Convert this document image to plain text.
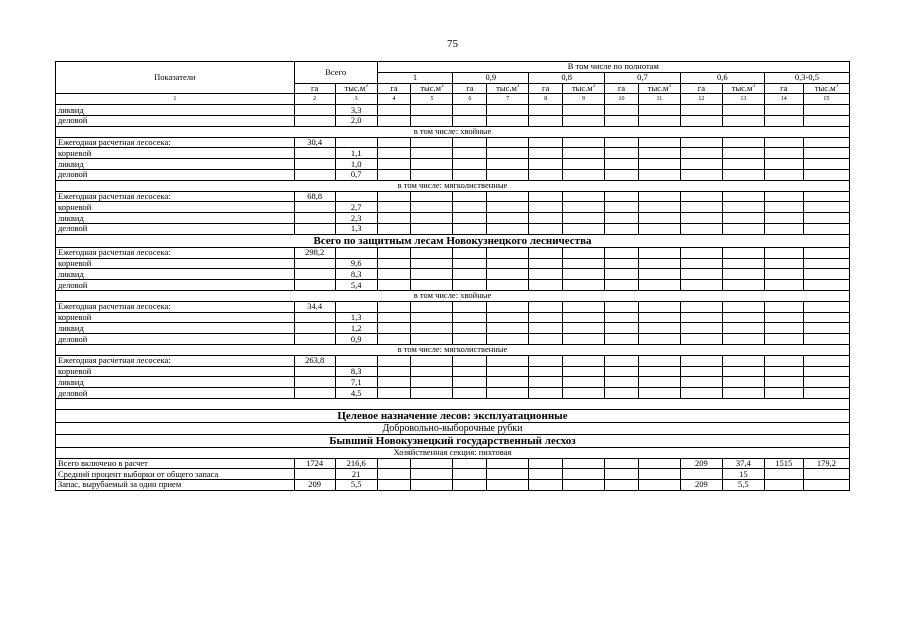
75
Показатели	Всего		В том числе по полнотам											
			1		0,9		0,8		0,7		0,6		0,3-0,5	
	га	$тыс.м^3$	га	$тыс.м^3$	га	$тыс.м^3$	га	$тыс.м^3$	га	$тыс.м^3$	га	$тыс.м^3$	га	$тыс.м^3$
1	2	3	4	5	6	7	8	9	10	11	12	13	14	15
ликвид		3,3												
деловой		2,0												
в том числе: хвойные														
Ежегодная расчетная лесосека:	30,4													
корневой		1,1												
ликвид		1,0												
деловой		0,7												
в том числе: мягколиственные														
Ежегодная расчетная лесосека:	68,8													
корневой		2,7												
ликвид		2,3												
деловой		1,3												
Всего по защитным лесам Новокузнецкого лесничества														
Ежегодная расчетная лесосека:	298,2													
корневой		9,6												
ликвид		8,3												
деловой		5,4												
в том числе: хвойные														
Ежегодная расчетная лесосека:	34,4													
корневой		1,3												
ликвид		1,2												
деловой		0,9												
в том числе: мягколиственные														
Ежегодная расчетная лесосека:	263,8													
корневой		8,3												
ликвид		7,1												
деловой		4,5												

Целевое назначение лесов: эксплуатационные														
Добровольно-выборочные рубки														
Бывший Новокузнецкий государственный лесхоз														
Хозяйственная секция: пихтовая														
Всего включено в расчет	1724	216,6									209	37,4	1515	179,2
Средний процент выборки от общего запаса		21										15		
Запас, вырубаемый за один прием	209	5,5									209	5,5		
